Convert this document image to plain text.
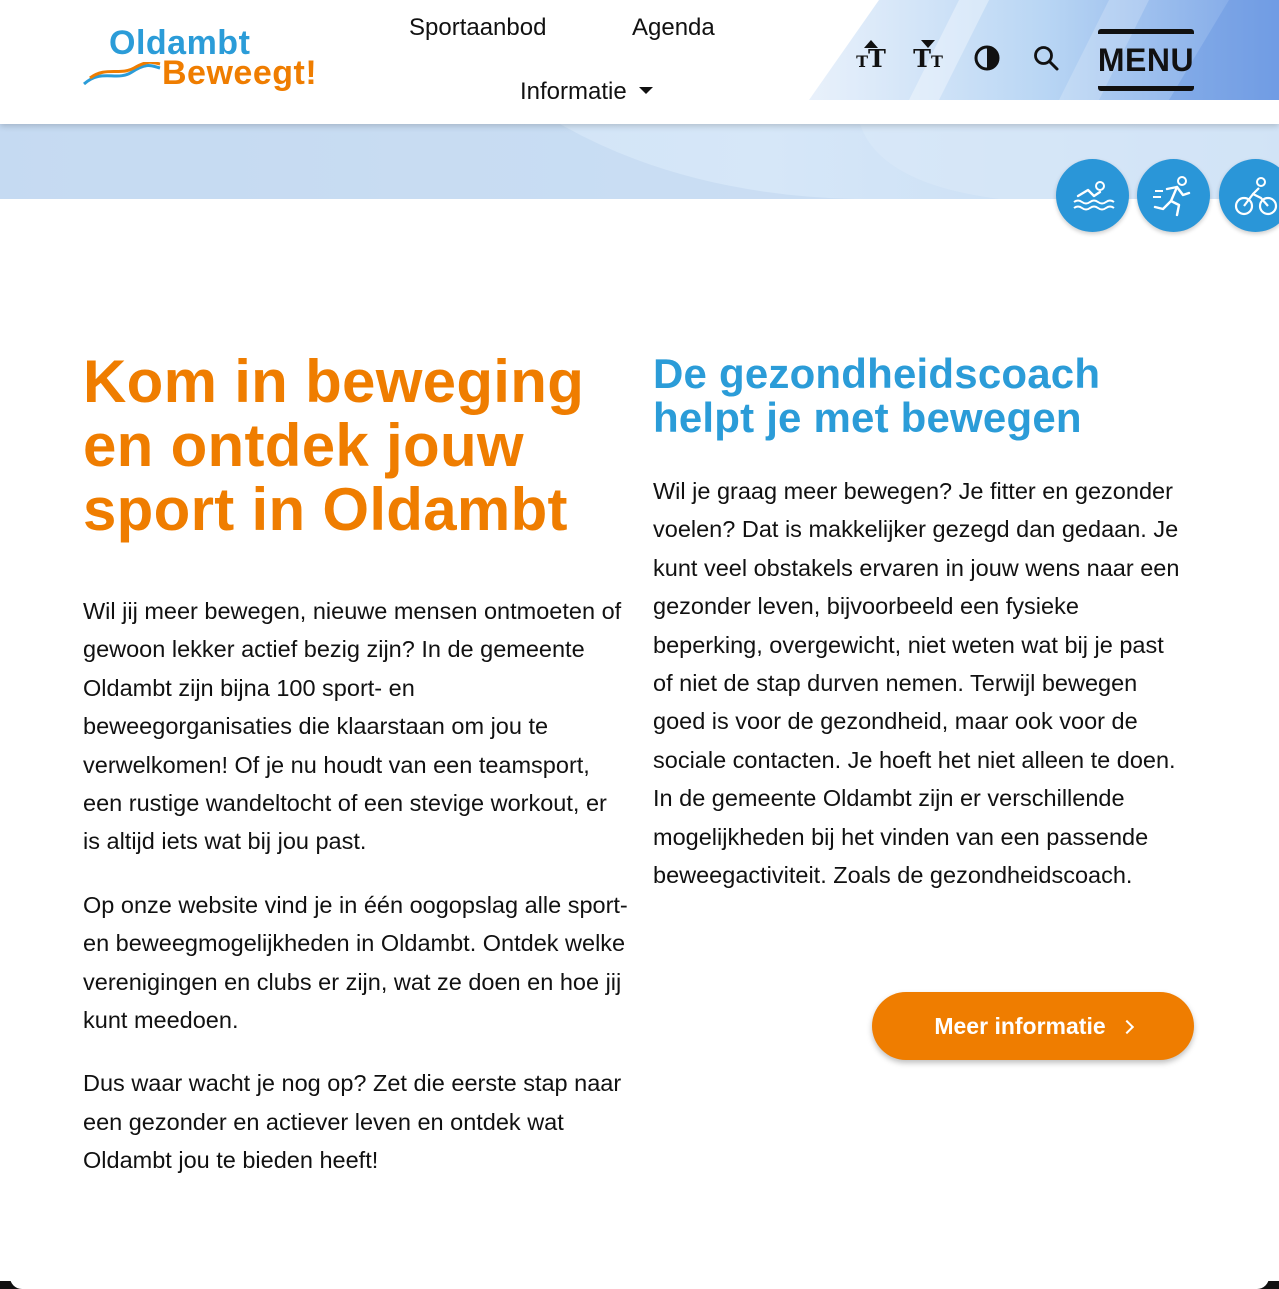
Oldambt
Beweegt!
Sportaanbod	Agenda
Informatie
TT TT	MENU
Kom in beweging en ontdek jouw sport in Oldambt

Wil jij meer bewegen, nieuwe mensen ontmoeten of gewoon lekker actief bezig zijn? In de gemeente Oldambt zijn bijna 100 sport- en beweegorganisaties die klaarstaan om jou te verwelkomen! Of je nu houdt van een teamsport, een rustige wandeltocht of een stevige workout, er is altijd iets wat bij jou past.

Op onze website vind je in één oogopslag alle sport- en beweegmogelijkheden in Oldambt. Ontdek welke verenigingen en clubs er zijn, wat ze doen en hoe jij kunt meedoen.

Dus waar wacht je nog op? Zet die eerste stap naar een gezonder en actiever leven en ontdek wat Oldambt jou te bieden heeft!

De gezondheidscoach helpt je met bewegen

Wil je graag meer bewegen? Je fitter en gezonder voelen? Dat is makkelijker gezegd dan gedaan. Je kunt veel obstakels ervaren in jouw wens naar een gezonder leven, bijvoorbeeld een fysieke beperking, overgewicht, niet weten wat bij je past of niet de stap durven nemen. Terwijl bewegen goed is voor de gezondheid, maar ook voor de sociale contacten. Je hoeft het niet alleen te doen. In de gemeente Oldambt zijn er verschillende mogelijkheden bij het vinden van een passende beweegactiviteit. Zoals de gezondheidscoach.

Meer informatie
